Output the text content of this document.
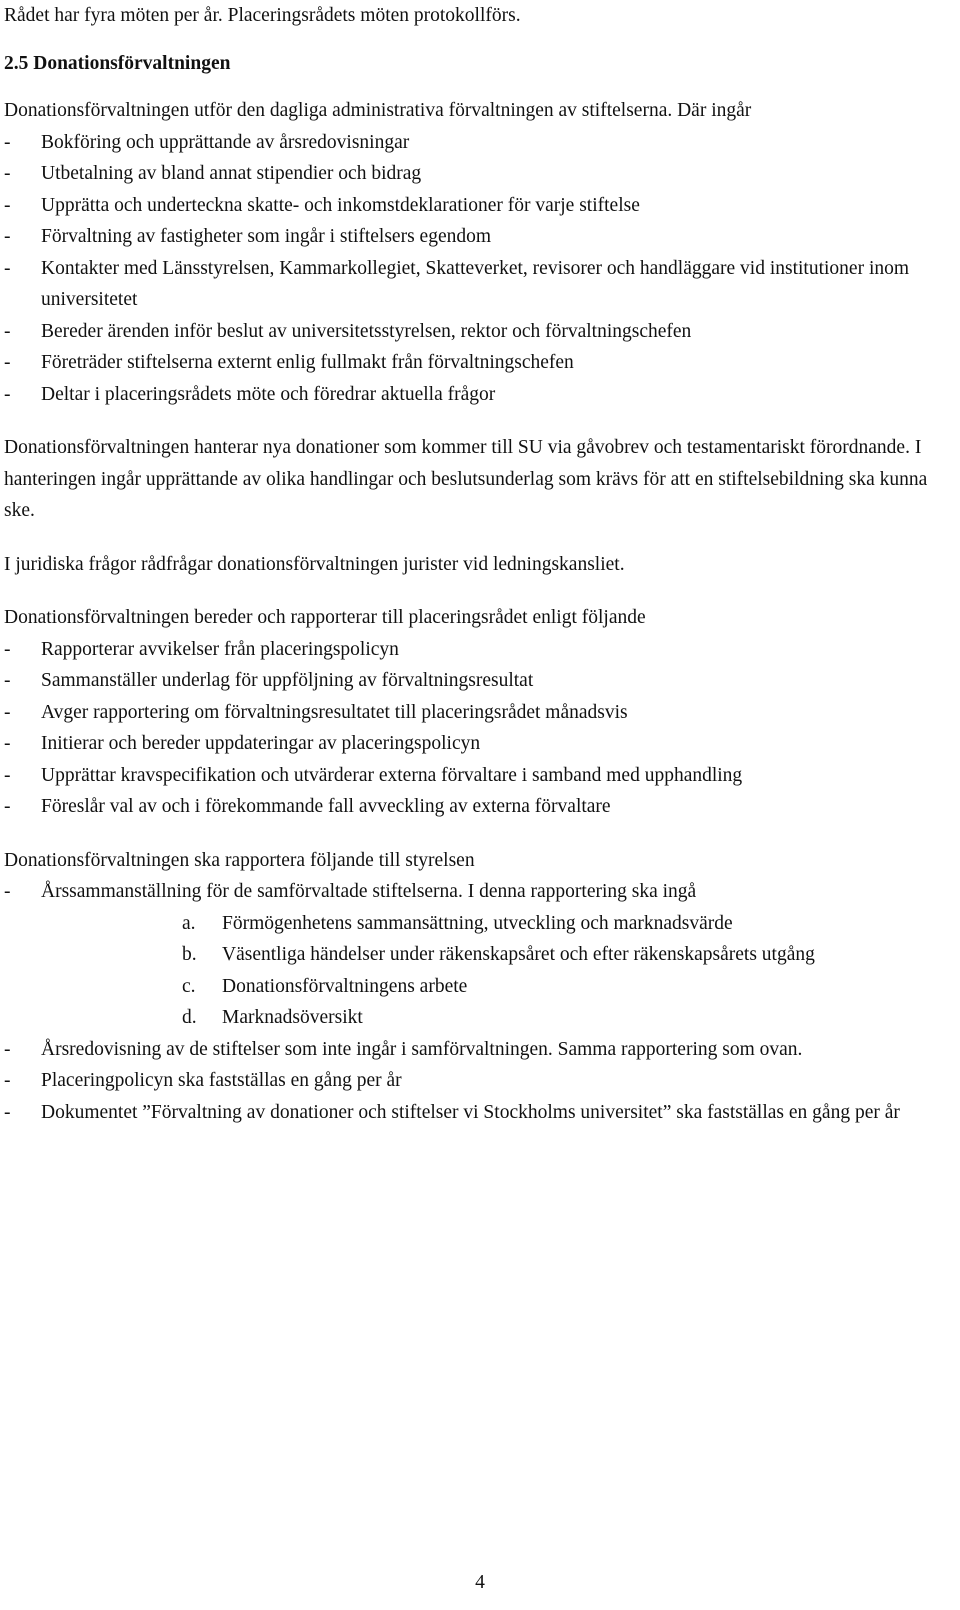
Rådet har fyra möten per år. Placeringsrådets möten protokollförs.

2.5 Donationsförvaltningen

Donationsförvaltningen utför den dagliga administrativa förvaltningen av stiftelserna. Där ingår

- Bokföring och upprättande av årsredovisningar
- Utbetalning av bland annat stipendier och bidrag
- Upprätta och underteckna skatte- och inkomstdeklarationer för varje stiftelse
- Förvaltning av fastigheter som ingår i stiftelsers egendom
- Kontakter med Länsstyrelsen, Kammarkollegiet, Skatteverket, revisorer och handläggare vid institutioner inom universitetet
- Bereder ärenden inför beslut av universitetsstyrelsen, rektor och förvaltningschefen
- Företräder stiftelserna externt enlig fullmakt från förvaltningschefen
- Deltar i placeringsrådets möte och föredrar aktuella frågor

Donationsförvaltningen hanterar nya donationer som kommer till SU via gåvobrev och testamentariskt förordnande. I hanteringen ingår upprättande av olika handlingar och beslutsunderlag som krävs för att en stiftelsebildning ska kunna ske.

I juridiska frågor rådfrågar donationsförvaltningen jurister vid ledningskansliet.

Donationsförvaltningen bereder och rapporterar till placeringsrådet enligt följande

- Rapporterar avvikelser från placeringspolicyn
- Sammanställer underlag för uppföljning av förvaltningsresultat
- Avger rapportering om förvaltningsresultatet till placeringsrådet månadsvis
- Initierar och bereder uppdateringar av placeringspolicyn
- Upprättar kravspecifikation och utvärderar externa förvaltare i samband med upphandling
- Föreslår val av och i förekommande fall avveckling av externa förvaltare

Donationsförvaltningen ska rapportera följande till styrelsen

- Årssammanställning för de samförvaltade stiftelserna. I denna rapportering ska ingå
a. Förmögenhetens sammansättning, utveckling och marknadsvärde
b. Väsentliga händelser under räkenskapsåret och efter räkenskapsårets utgång
c. Donationsförvaltningens arbete
d. Marknadsöversikt
- Årsredovisning av de stiftelser som inte ingår i samförvaltningen. Samma rapportering som ovan.
- Placeringpolicyn ska fastställas en gång per år
- Dokumentet ”Förvaltning av donationer och stiftelser vi Stockholms universitet” ska fastställas en gång per år
4
